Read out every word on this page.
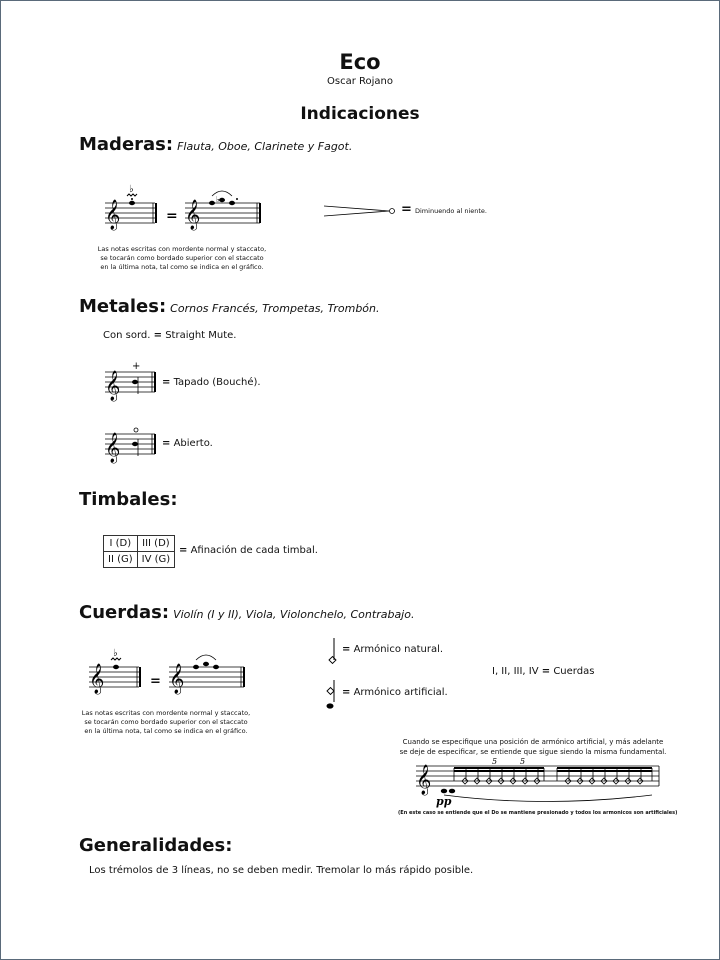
Eco
Oscar Rojano
Indicaciones
Maderas: Flauta, Oboe, Clarinete y Fagot.
𝄞
♭
= 𝄞
♭
Las notas escritas con mordente normal y staccato,
se tocarán como bordado superior con el staccato
en la última nota, tal como se indica en el gráfico.
= Diminuendo al niente.
Metales: Cornos Francés, Trompetas, Trombón.
Con sord. = Straight Mute.
𝄞
+
= Tapado (Bouché).
𝄞	= Abierto.
Timbales:
I (D)	III (D)
II (G)	IV (G)
= Afinación de cada timbal.
Cuerdas: Violín (I y II), Viola, Violonchelo, Contrabajo.
𝄞
♭
𝄞
=
Las notas escritas con mordente normal y staccato,
se tocarán como bordado superior con el staccato
en la última nota, tal como se indica en el gráfico.
= Armónico natural.
= Armónico artificial.
I, II, III, IV = Cuerdas
Cuando se especifique una posición de armónico artificial, y más adelante
se deje de especificar, se entiende que sigue siendo la misma fundamental.
𝄞
5	5
pp
(En este caso se entiende que el Do se mantiene presionado y todos los armonicos son artificiales)
Generalidades:
Los trémolos de 3 líneas, no se deben medir. Tremolar lo más rápido posible.
